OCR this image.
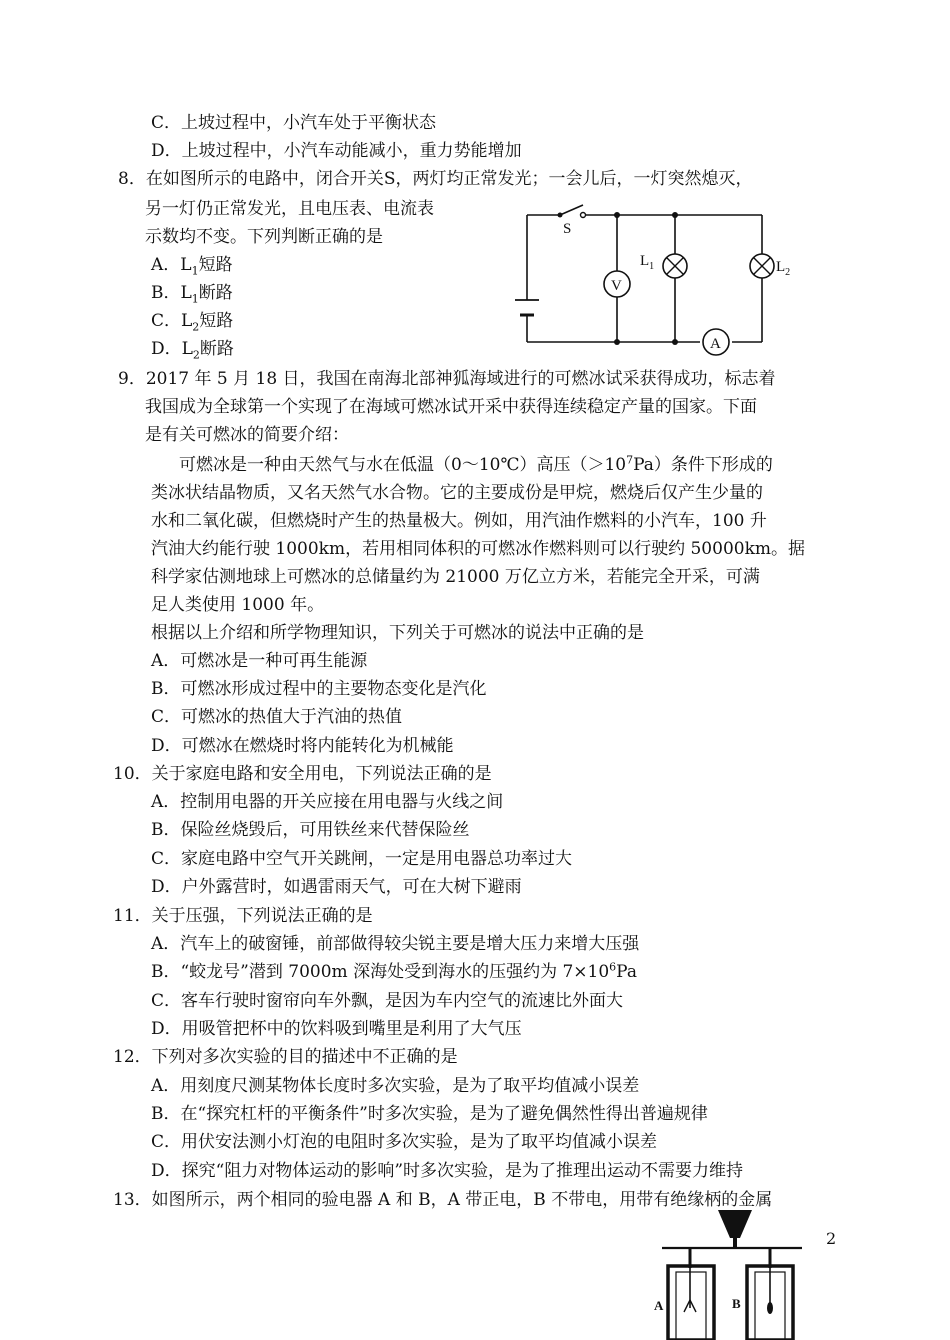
C．上坡过程中，小汽车处于平衡状态
D．上坡过程中，小汽车动能减小，重力势能增加
8．在如图所示的电路中，闭合开关S，两灯均正常发光；一会儿后，一灯突然熄灭，
另一灯仍正常发光，且电压表、电流表
示数均不变。下列判断正确的是
A．$L_1$短路
B．$L_1$断路
C．$L_2$短路
D．$L_2$断路
S
V
$L_1$	$L_2$
A
9．2017 年 5 月 18 日，我国在南海北部神狐海域进行的可燃冰试采获得成功，标志着
我国成为全球第一个实现了在海域可燃冰试开采中获得连续稳定产量的国家。下面
是有关可燃冰的简要介绍：
可燃冰是一种由天然气与水在低温（0～10℃）高压$(>10^7Pa)$条件下形成的
类冰状结晶物质，又名天然气水合物。它的主要成份是甲烷，燃烧后仅产生少量的
水和二氧化碳，但燃烧时产生的热量极大。例如，用汽油作燃料的小汽车，100 升
汽油大约能行驶 1000km，若用相同体积的可燃冰作燃料则可以行驶约 50000km。据
科学家估测地球上可燃冰的总储量约为 21000 万亿立方米，若能完全开采，可满
足人类使用 1000 年。
根据以上介绍和所学物理知识，下列关于可燃冰的说法中正确的是
A．可燃冰是一种可再生能源
B．可燃冰形成过程中的主要物态变化是汽化
C．可燃冰的热值大于汽油的热值
D．可燃冰在燃烧时将内能转化为机械能
10．关于家庭电路和安全用电，下列说法正确的是
A．控制用电器的开关应接在用电器与火线之间
B．保险丝烧毁后，可用铁丝来代替保险丝
C．家庭电路中空气开关跳闸，一定是用电器总功率过大
D．户外露营时，如遇雷雨天气，可在大树下避雨
11．关于压强，下列说法正确的是
A．汽车上的破窗锤，前部做得较尖锐主要是增大压力来增大压强
B．“蛟龙号”潜到 7000m 深海处受到海水的压强约为 $7\times 10^6Pa$
C．客车行驶时窗帘向车外飘，是因为车内空气的流速比外面大
D．用吸管把杯中的饮料吸到嘴里是利用了大气压
12．下列对多次实验的目的描述中不正确的是
A．用刻度尺测某物体长度时多次实验，是为了取平均值减小误差
B．在“探究杠杆的平衡条件”时多次实验，是为了避免偶然性得出普遍规律
C．用伏安法测小灯泡的电阻时多次实验，是为了取平均值减小误差
D．探究“阻力对物体运动的影响”时多次实验，是为了推理出运动不需要力维持
13．如图所示，两个相同的验电器 A 和 B，A 带正电，B 不带电，用带有绝缘柄的金属
2
A	B
